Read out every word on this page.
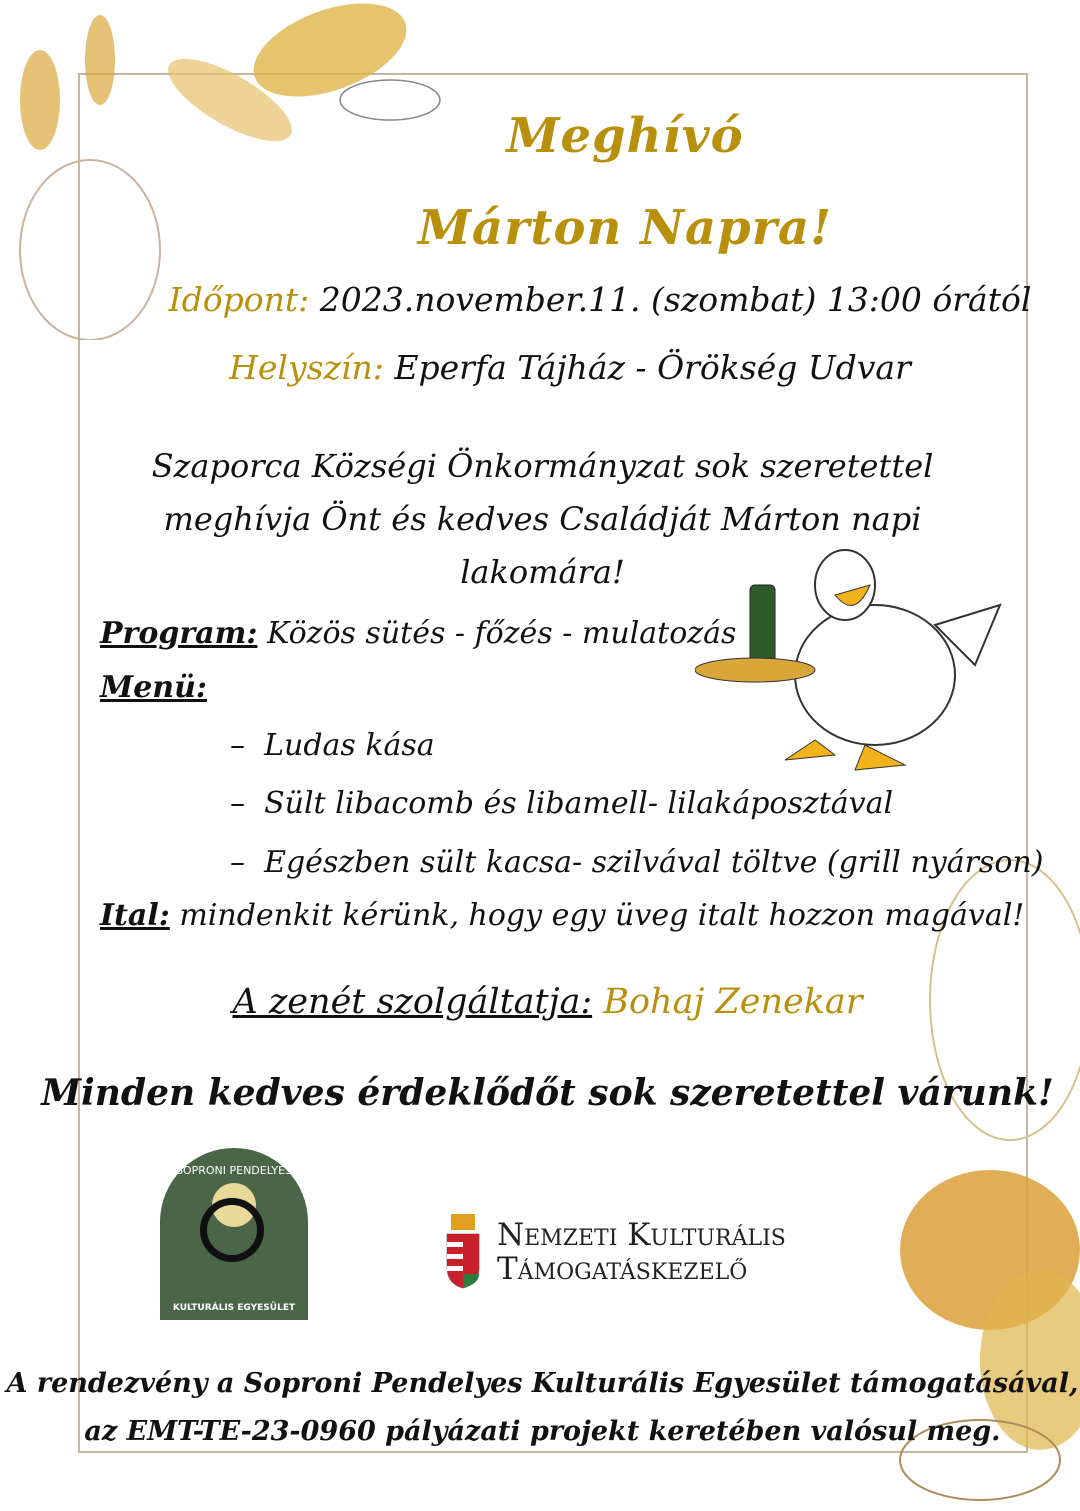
Meghívó
Márton Napra!
Időpont: 2023.november.11. (szombat) 13:00 órától
Helyszín: Eperfa Tájház - Örökség Udvar
Szaporca Községi Önkormányzat sok szeretettel
meghívja Önt és kedves Családját Márton napi
lakomára!
Program: Közös sütés - főzés - mulatozás
Menü:
–  Ludas kása
–  Sült libacomb és libamell- lilakáposztával
–  Egészben sült kacsa- szilvával töltve (grill nyárson)
Ital: mindenkit kérünk, hogy egy üveg italt hozzon magával!
A zenét szolgáltatja: Bohaj Zenekar
Minden kedves érdeklődőt sok szeretettel várunk!
SOPRONI PENDELYES
KULTURÁLIS EGYESÜLET
Nemzeti Kulturális
Támogatáskezelő
A rendezvény a Soproni Pendelyes Kulturális Egyesület támogatásával,
az EMT-TE-23-0960 pályázati projekt keretében valósul meg.
